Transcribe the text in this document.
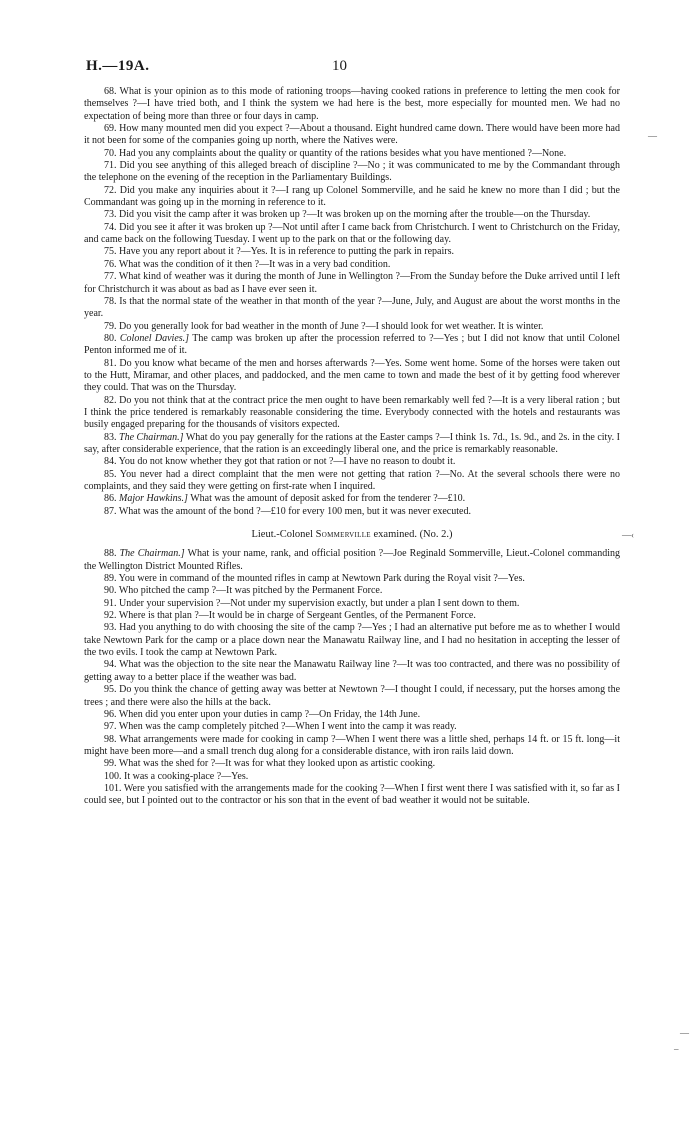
H.—19A.	10

68. What is your opinion as to this mode of rationing troops—having cooked rations in preference to letting the men cook for themselves ?—I have tried both, and I think the system we had here is the best, more especially for mounted men. We had no expectation of being more than three or four days in camp.

69. How many mounted men did you expect ?—About a thousand. Eight hundred came down. There would have been more had it not been for some of the companies going up north, where the Natives were.

70. Had you any complaints about the quality or quantity of the rations besides what you have mentioned ?—None.

71. Did you see anything of this alleged breach of discipline ?—No ; it was communicated to me by the Commandant through the telephone on the evening of the reception in the Parliamentary Buildings.

72. Did you make any inquiries about it ?—I rang up Colonel Sommerville, and he said he knew no more than I did ; but the Commandant was going up in the morning in reference to it.

73. Did you visit the camp after it was broken up ?—It was broken up on the morning after the trouble—on the Thursday.

74. Did you see it after it was broken up ?—Not until after I came back from Christchurch. I went to Christchurch on the Friday, and came back on the following Tuesday. I went up to the park on that or the following day.

75. Have you any report about it ?—Yes. It is in reference to putting the park in repairs.

76. What was the condition of it then ?—It was in a very bad condition.

77. What kind of weather was it during the month of June in Wellington ?—From the Sunday before the Duke arrived until I left for Christchurch it was about as bad as I have ever seen it.

78. Is that the normal state of the weather in that month of the year ?—June, July, and August are about the worst months in the year.

79. Do you generally look for bad weather in the month of June ?—I should look for wet weather. It is winter.

80. Colonel Davies.] The camp was broken up after the procession referred to ?—Yes ; but I did not know that until Colonel Penton informed me of it.

81. Do you know what became of the men and horses afterwards ?—Yes. Some went home. Some of the horses were taken out to the Hutt, Miramar, and other places, and paddocked, and the men came to town and made the best of it by getting food wherever they could. That was on the Thursday.

82. Do you not think that at the contract price the men ought to have been remarkably well fed ?—It is a very liberal ration ; but I think the price tendered is remarkably reasonable considering the time. Everybody connected with the hotels and restaurants was busily engaged preparing for the thousands of visitors expected.

83. The Chairman.] What do you pay generally for the rations at the Easter camps ?—I think 1s. 7d., 1s. 9d., and 2s. in the city. I say, after considerable experience, that the ration is an exceedingly liberal one, and the price is remarkably reasonable.

84. You do not know whether they got that ration or not ?—I have no reason to doubt it.

85. You never had a direct complaint that the men were not getting that ration ?—No. At the several schools there were no complaints, and they said they were getting on first-rate when I inquired.

86. Major Hawkins.] What was the amount of deposit asked for from the tenderer ?—£10.

87. What was the amount of the bond ?—£10 for every 100 men, but it was never executed.

Lieut.-Colonel Sommerville examined. (No. 2.)

88. The Chairman.] What is your name, rank, and official position ?—Joe Reginald Sommerville, Lieut.-Colonel commanding the Wellington District Mounted Rifles.

89. You were in command of the mounted rifles in camp at Newtown Park during the Royal visit ?—Yes.

90. Who pitched the camp ?—It was pitched by the Permanent Force.

91. Under your supervision ?—Not under my supervision exactly, but under a plan I sent down to them.

92. Where is that plan ?—It would be in charge of Sergeant Gentles, of the Permanent Force.

93. Had you anything to do with choosing the site of the camp ?—Yes ; I had an alternative put before me as to whether I would take Newtown Park for the camp or a place down near the Manawatu Railway line, and I had no hesitation in accepting the lesser of the two evils. I took the camp at Newtown Park.

94. What was the objection to the site near the Manawatu Railway line ?—It was too contracted, and there was no possibility of getting away to a better place if the weather was bad.

95. Do you think the chance of getting away was better at Newtown ?—I thought I could, if necessary, put the horses among the trees ; and there were also the hills at the back.

96. When did you enter upon your duties in camp ?—On Friday, the 14th June.

97. When was the camp completely pitched ?—When I went into the camp it was ready.

98. What arrangements were made for cooking in camp ?—When I went there was a little shed, perhaps 14 ft. or 15 ft. long—it might have been more—and a small trench dug along for a considerable distance, with iron rails laid down.

99. What was the shed for ?—It was for what they looked upon as artistic cooking.

100. It was a cooking-place ?—Yes.

101. Were you satisfied with the arrangements made for the cooking ?—When I first went there I was satisfied with it, so far as I could see, but I pointed out to the contractor or his son that in the event of bad weather it would not be suitable.

—
—‹
—
–
